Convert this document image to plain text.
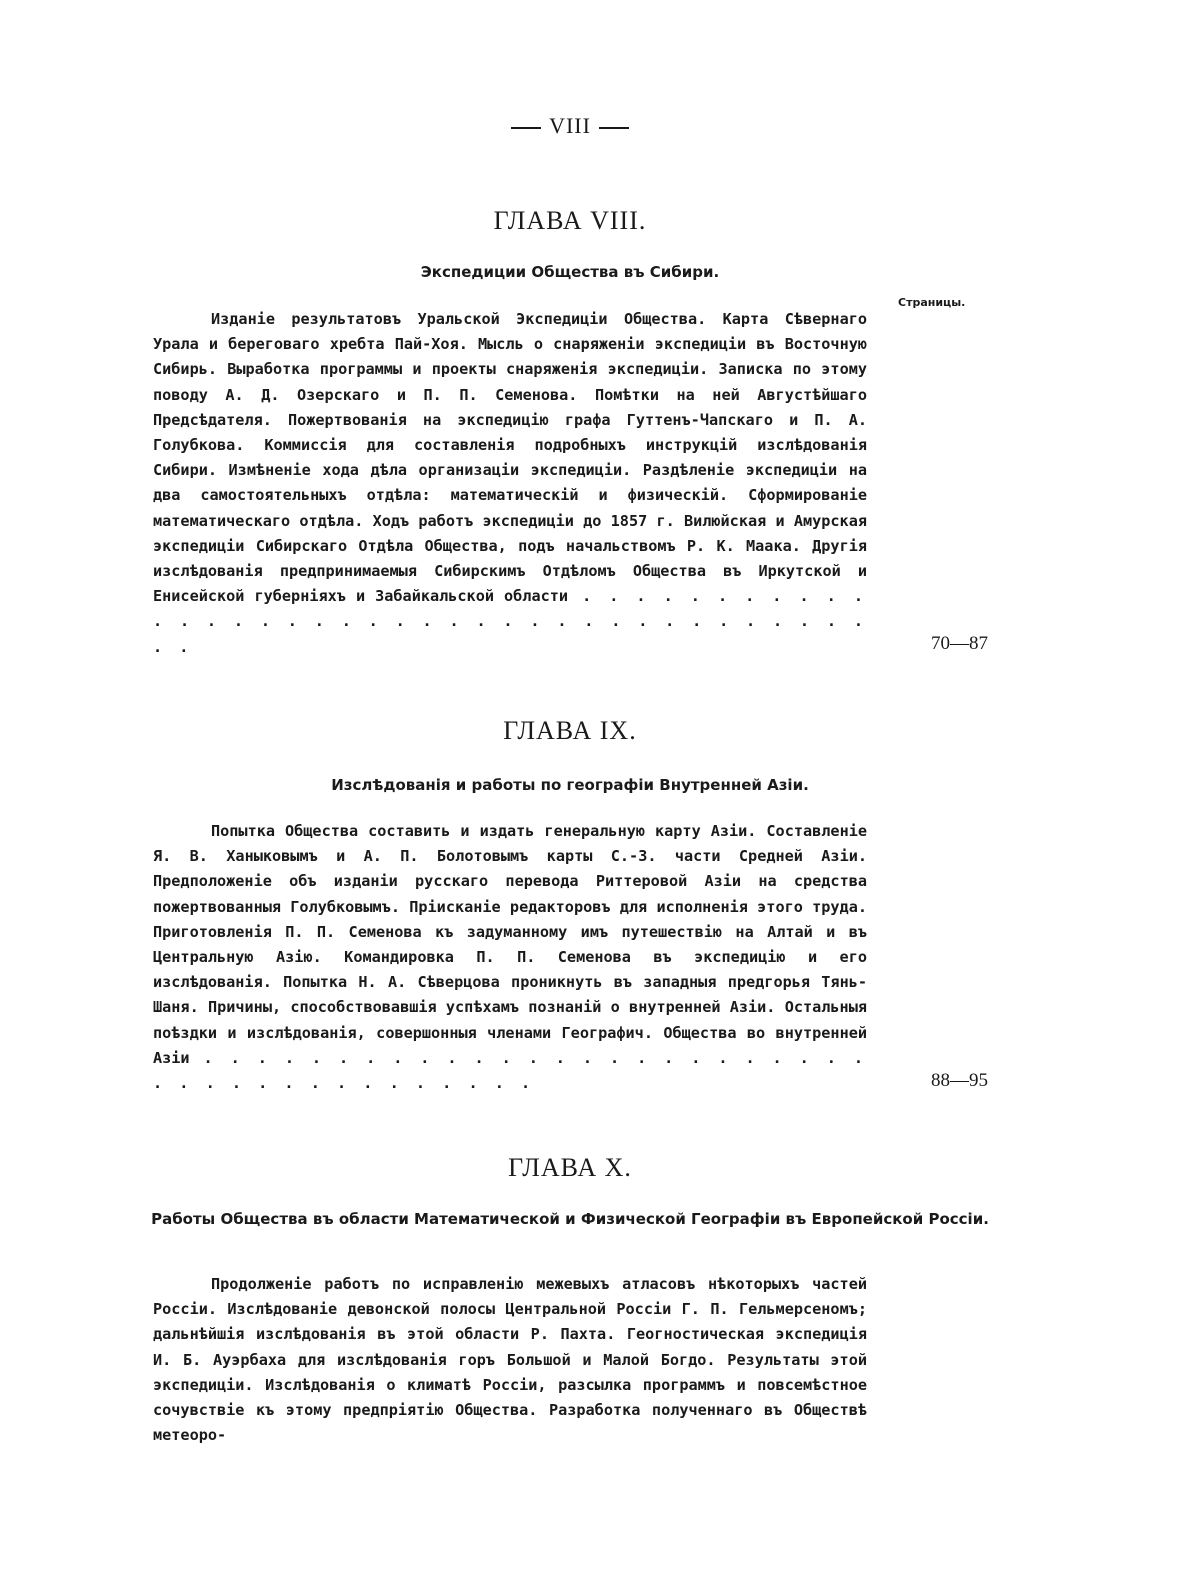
VIII
ГЛАВА VIII.
Экспедиции Общества въ Сибири.
Страницы.
Изданіе результатовъ Уральской Экспедиціи Общества. Карта Сѣвернаго Урала и береговаго хребта Пай-Хоя. Мысль о снаряженіи экспедиціи въ Восточную Сибирь. Выработка программы и проекты снаряженія экспедиціи. Записка по этому поводу А. Д. Озерскаго и П. П. Семенова. Помѣтки на ней Августѣйшаго Предсѣдателя. Пожертвованія на экспедицію графа Гуттенъ-Чапскаго и П. А. Голубкова. Коммиссія для составленія подробныхъ инструкцій изслѣдованія Сибири. Измѣненіе хода дѣла организаціи экспедиціи. Раздѣленіе экспедиціи на два самостоятельныхъ отдѣла: математическій и физическій. Сформированіе математическаго отдѣла. Ходъ работъ экспедиціи до 1857 г. Вилюйская и Амурская экспедиціи Сибирскаго Отдѣла Общества, подъ начальствомъ Р. К. Маака. Другія изслѣдованія предпринимаемыя Сибирскимъ Отдѣломъ Общества въ Иркутской и Енисейской губерніяхъ и Забайкальской области . . . . . . . . . . . . . . . . . . . . . . . . . . . . . . . . . . . . . . . .	70—87
ГЛАВА IX.
Изслѣдованія и работы по географіи Внутренней Азіи.
Попытка Общества составить и издать генеральную карту Азіи. Составленіе Я. В. Ханыковымъ и А. П. Болотовымъ карты С.-З. части Средней Азіи. Предположеніе объ изданіи русскаго перевода Риттеровой Азіи на средства пожертвованныя Голубковымъ. Пріисканіе редакторовъ для исполненія этого труда. Приготовленія П. П. Семенова къ задуманному имъ путешествію на Алтай и въ Центральную Азію. Командировка П. П. Семенова въ экспедицію и его изслѣдованія. Попытка Н. А. Сѣверцова проникнуть въ западныя предгорья Тянь-Шаня. Причины, способствовавшія успѣхамъ познаній о внутренней Азіи. Остальныя поѣздки и изслѣдованія, совершонныя членами Географич. Общества во внутренней Азіи . . . . . . . . . . . . . . . . . . . . . . . . . . . . . . . . . . . . . . . .	88—95
ГЛАВА X.
Работы Общества въ области Математической и Физической Географіи въ Европейской Россіи.
Продолженіе работъ по исправленію межевыхъ атласовъ нѣкоторыхъ частей Россіи. Изслѣдованіе девонской полосы Центральной Россіи Г. П. Гельмерсеномъ; дальнѣйшія изслѣдованія въ этой области Р. Пахта. Геогностическая экспедиція И. Б. Ауэрбаха для изслѣдованія горъ Большой и Малой Богдо. Результаты этой экспедиціи. Изслѣдованія о климатѣ Россіи, разсылка программъ и повсемѣстное сочувствіе къ этому предпріятію Общества. Разработка полученнаго въ Обществѣ метеоро-
